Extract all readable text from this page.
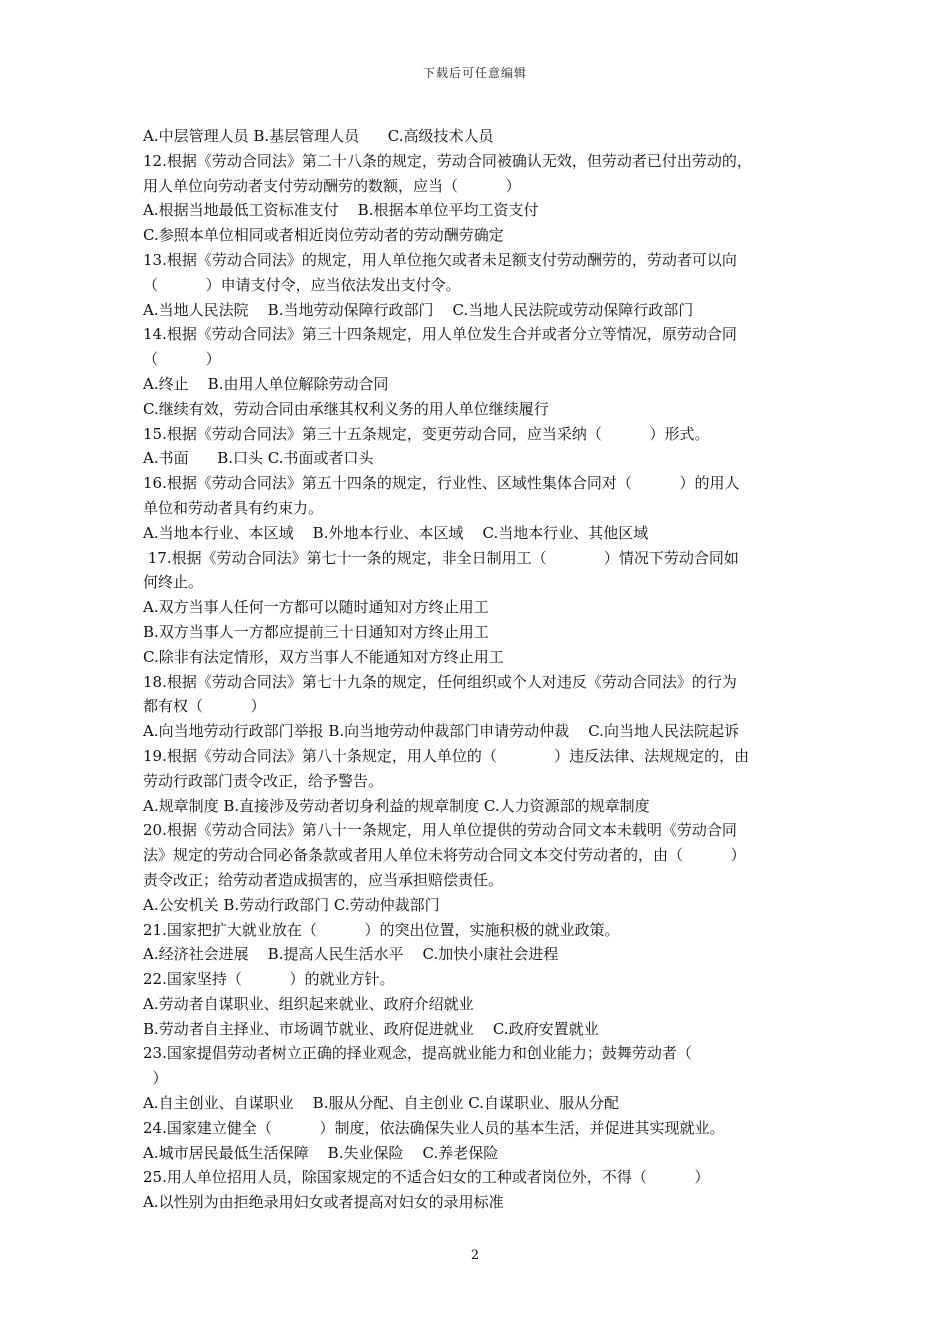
下载后可任意编辑
A.中层管理人员 B.基层管理人员      C.高级技术人员
12.根据《劳动合同法》第二十八条的规定，劳动合同被确认无效，但劳动者已付出劳动的，
用人单位向劳动者支付劳动酬劳的数额，应当（          ）
A.根据当地最低工资标准支付    B.根据本单位平均工资支付
C.参照本单位相同或者相近岗位劳动者的劳动酬劳确定
13.根据《劳动合同法》的规定，用人单位拖欠或者未足额支付劳动酬劳的，劳动者可以向
（          ）申请支付令，应当依法发出支付令。
A.当地人民法院    B.当地劳动保障行政部门    C.当地人民法院或劳动保障行政部门
14.根据《劳动合同法》第三十四条规定，用人单位发生合并或者分立等情况，原劳动合同
（          ）
A.终止    B.由用人单位解除劳动合同
C.继续有效，劳动合同由承继其权利义务的用人单位继续履行
15.根据《劳动合同法》第三十五条规定，变更劳动合同，应当采纳（          ）形式。
A.书面      B.口头 C.书面或者口头
16.根据《劳动合同法》第五十四条的规定，行业性、区域性集体合同对（          ）的用人
单位和劳动者具有约束力。
A.当地本行业、本区域    B.外地本行业、本区域    C.当地本行业、其他区域
17.根据《劳动合同法》第七十一条的规定，非全日制用工（            ）情况下劳动合同如
何终止。
A.双方当事人任何一方都可以随时通知对方终止用工
B.双方当事人一方都应提前三十日通知对方终止用工
C.除非有法定情形，双方当事人不能通知对方终止用工
18.根据《劳动合同法》第七十九条的规定，任何组织或个人对违反《劳动合同法》的行为
都有权（          ）
A.向当地劳动行政部门举报 B.向当地劳动仲裁部门申请劳动仲裁    C.向当地人民法院起诉
19.根据《劳动合同法》第八十条规定，用人单位的（            ）违反法律、法规规定的，由
劳动行政部门责令改正，给予警告。
A.规章制度 B.直接涉及劳动者切身利益的规章制度 C.人力资源部的规章制度
20.根据《劳动合同法》第八十一条规定，用人单位提供的劳动合同文本未载明《劳动合同
法》规定的劳动合同必备条款或者用人单位未将劳动合同文本交付劳动者的，由（          ）
责令改正；给劳动者造成损害的，应当承担赔偿责任。
A.公安机关 B.劳动行政部门 C.劳动仲裁部门
21.国家把扩大就业放在（          ）的突出位置，实施积极的就业政策。
A.经济社会进展    B.提高人民生活水平    C.加快小康社会进程
22.国家坚持（          ）的就业方针。
A.劳动者自谋职业、组织起来就业、政府介绍就业
B.劳动者自主择业、市场调节就业、政府促进就业    C.政府安置就业
23.国家提倡劳动者树立正确的择业观念，提高就业能力和创业能力；鼓舞劳动者（
）
A.自主创业、自谋职业    B.服从分配、自主创业 C.自谋职业、服从分配
24.国家建立健全（          ）制度，依法确保失业人员的基本生活，并促进其实现就业。
A.城市居民最低生活保障    B.失业保险    C.养老保险
25.用人单位招用人员，除国家规定的不适合妇女的工种或者岗位外，不得（          ）
A.以性别为由拒绝录用妇女或者提高对妇女的录用标准
2
